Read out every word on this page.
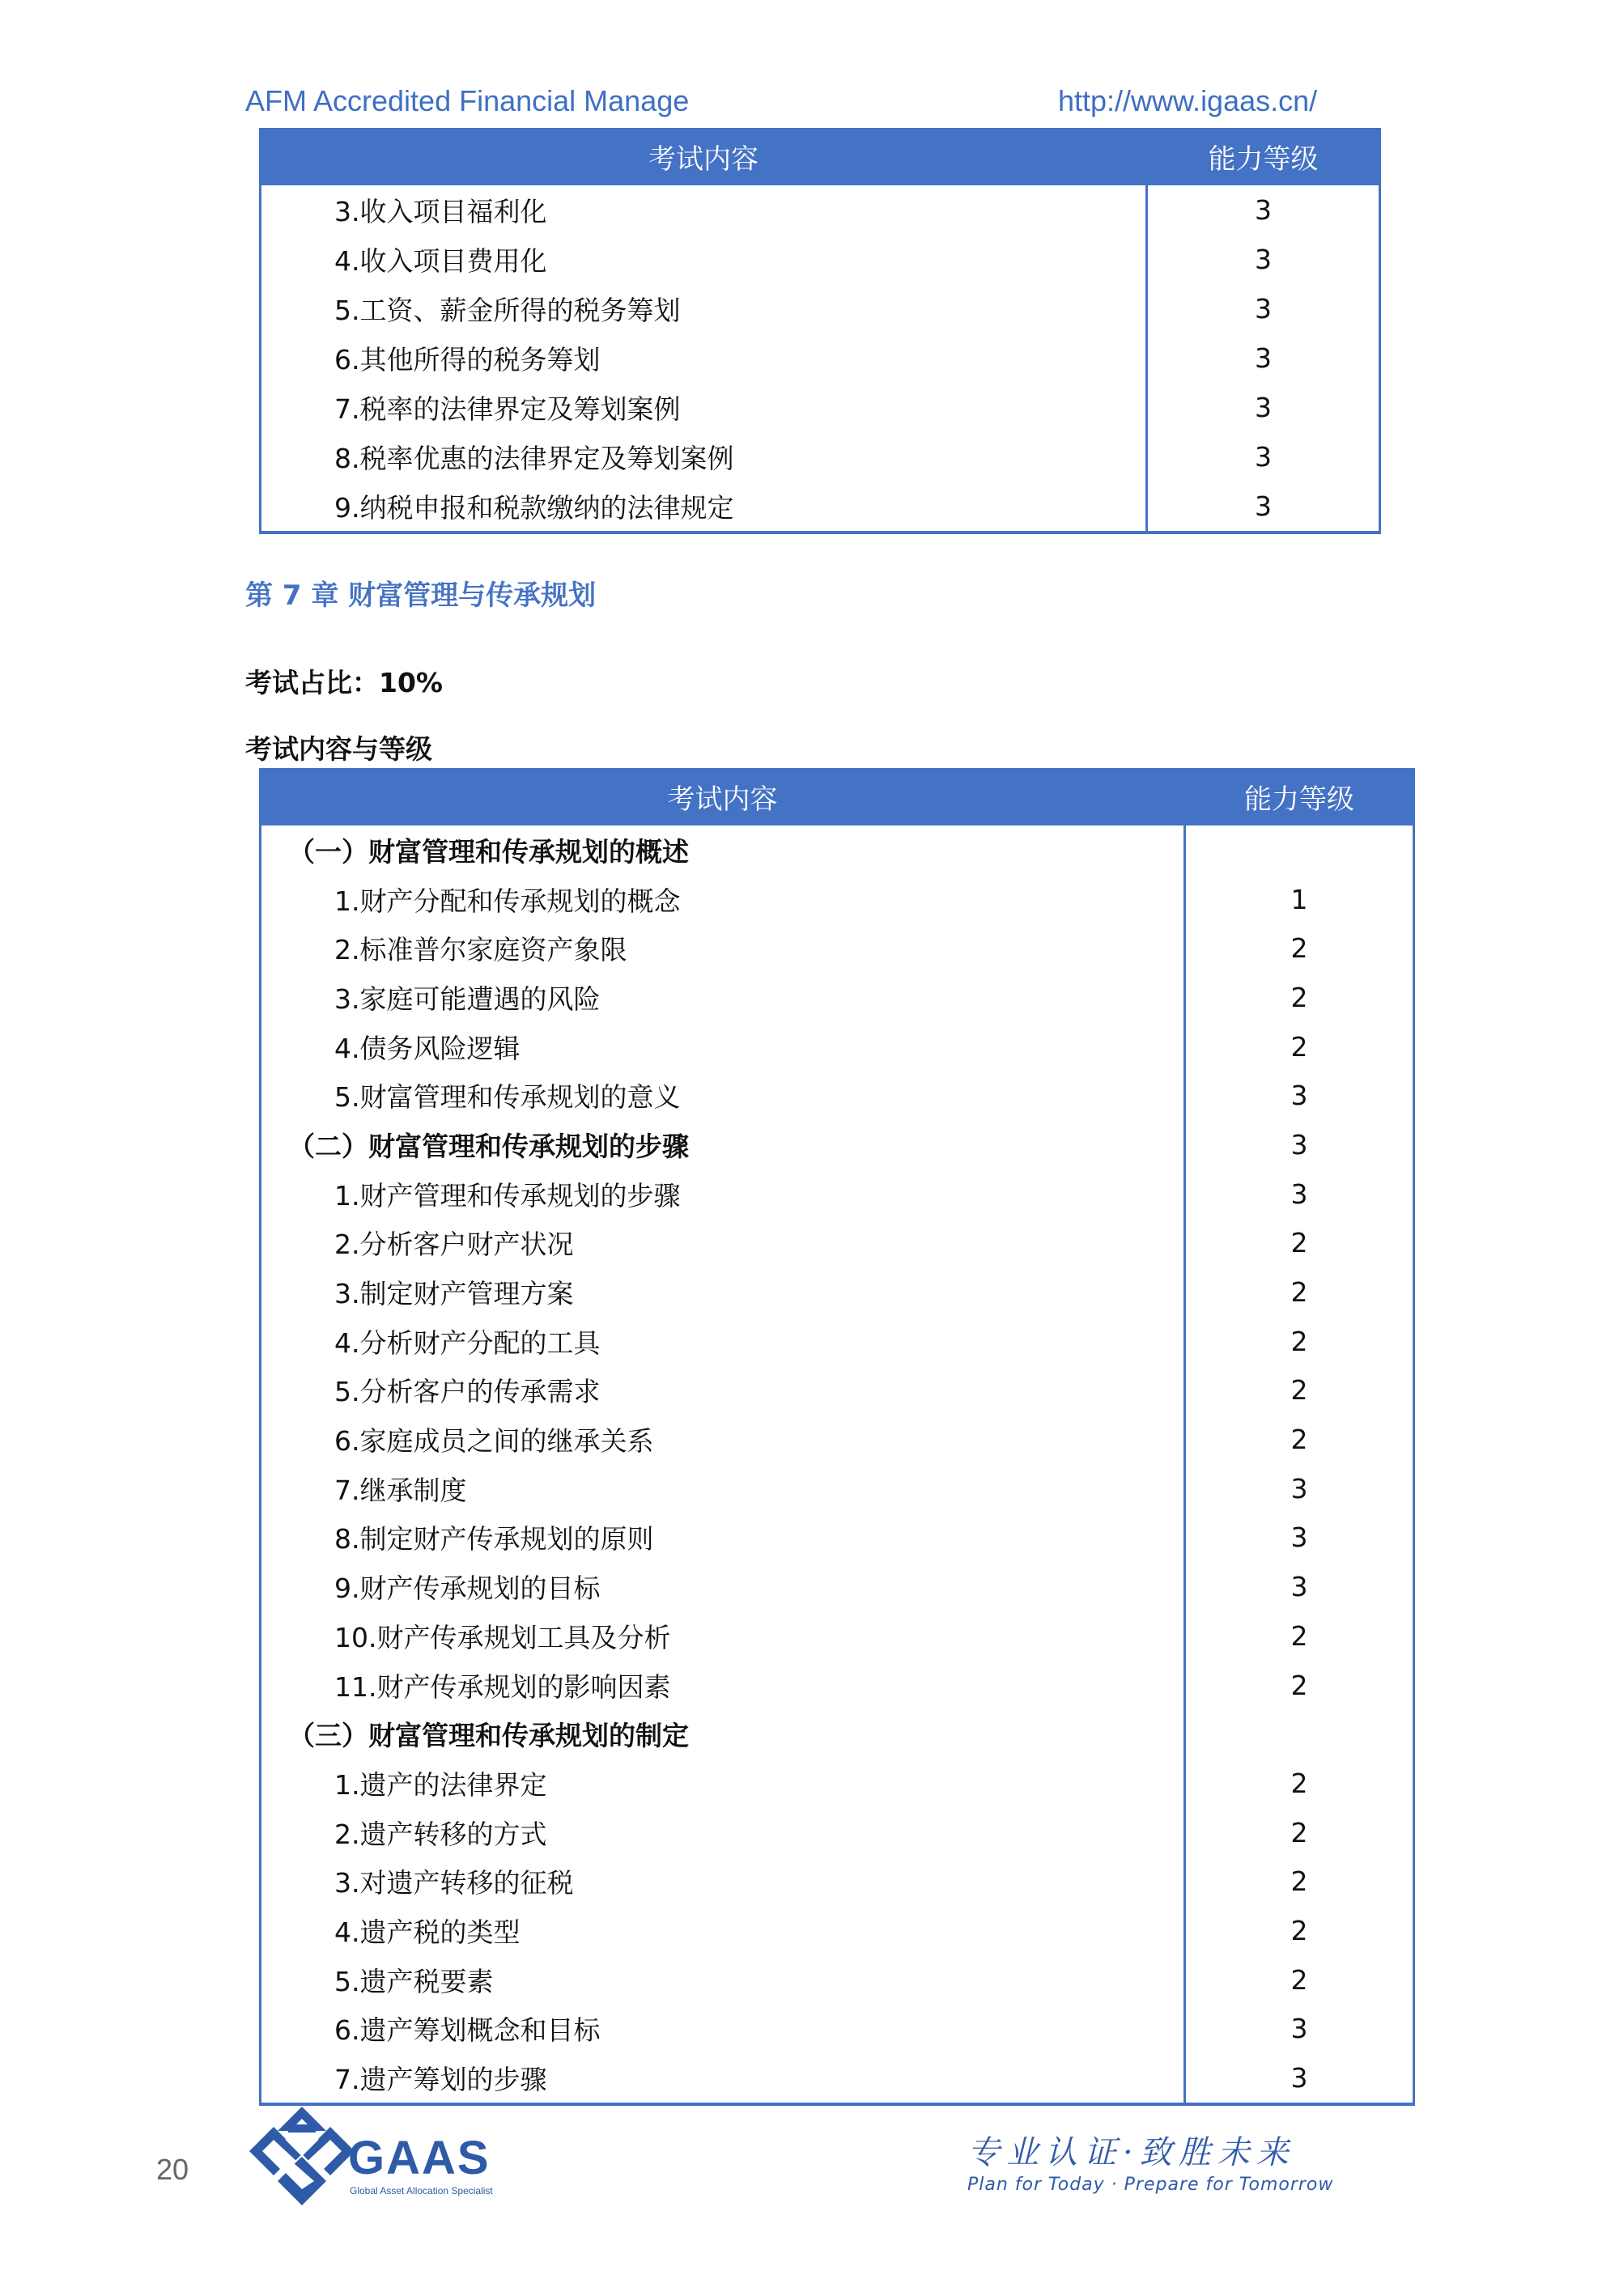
AFM Accredited Financial Manage	http://www.igaas.cn/
考试内容	能力等级
3.收入项目福利化	3
4.收入项目费用化	3
5.工资、薪金所得的税务筹划	3
6.其他所得的税务筹划	3
7.税率的法律界定及筹划案例	3
8.税率优惠的法律界定及筹划案例	3
9.纳税申报和税款缴纳的法律规定	3
第 7 章 财富管理与传承规划
考试占比：10%
考试内容与等级
考试内容	能力等级
（一）财富管理和传承规划的概述	
1.财产分配和传承规划的概念	1
2.标准普尔家庭资产象限	2
3.家庭可能遭遇的风险	2
4.债务风险逻辑	2
5.财富管理和传承规划的意义	3
（二）财富管理和传承规划的步骤	3
1.财产管理和传承规划的步骤	3
2.分析客户财产状况	2
3.制定财产管理方案	2
4.分析财产分配的工具	2
5.分析客户的传承需求	2
6.家庭成员之间的继承关系	2
7.继承制度	3
8.制定财产传承规划的原则	3
9.财产传承规划的目标	3
10.财产传承规划工具及分析	2
11.财产传承规划的影响因素	2
（三）财富管理和传承规划的制定	
1.遗产的法律界定	2
2.遗产转移的方式	2
3.对遗产转移的征税	2
4.遗产税的类型	2
5.遗产税要素	2
6.遗产筹划概念和目标	3
7.遗产筹划的步骤	3
20	GAAS
Global Asset Allocation Specialist
专业认证·致胜未来
Plan for Today · Prepare for Tomorrow
